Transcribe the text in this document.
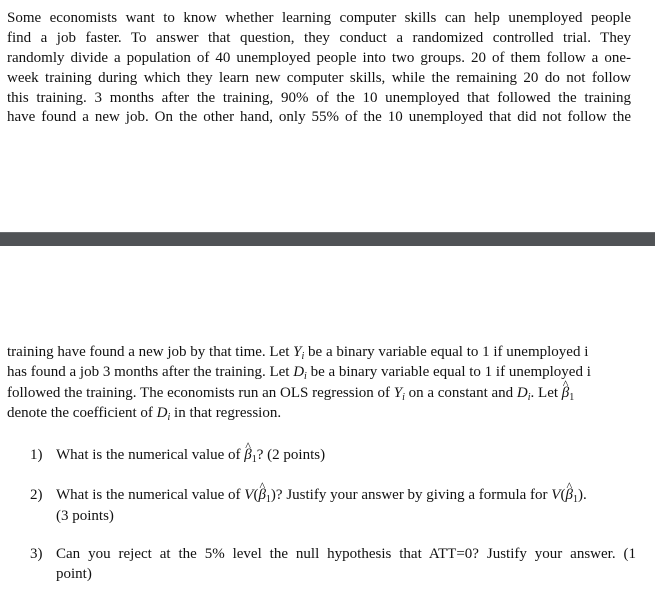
Some economists want to know whether learning computer skills can help unemployed people
find a job faster. To answer that question, they conduct a randomized controlled trial. They
randomly divide a population of 40 unemployed people into two groups. 20 of them follow a one-
week training during which they learn new computer skills, while the remaining 20 do not follow
this training. 3 months after the training, 90% of the 10 unemployed that followed the training
have found a new job. On the other hand, only 55% of the 10 unemployed that did not follow the
training have found a new job by that time. Let $Y_i$ be a binary variable equal to 1 if unemployed i
has found a job 3 months after the training. Let $D_i$ be a binary variable equal to 1 if unemployed i
followed the training. The economists run an OLS regression of $Y_i$ on a constant and $D_i$. Let ^ $\beta_1$
denote the coefficient of $D_i$ in that regression.
1) What is the numerical value of ^ $\beta_1$? (2 points)
2) What is the numerical value of V(^ $\beta_1$)? Justify your answer by giving a formula for V(^ $\beta_1$).
(3 points)
3) Can you reject at the 5% level the null hypothesis that ATT=0? Justify your answer. (1
point)
